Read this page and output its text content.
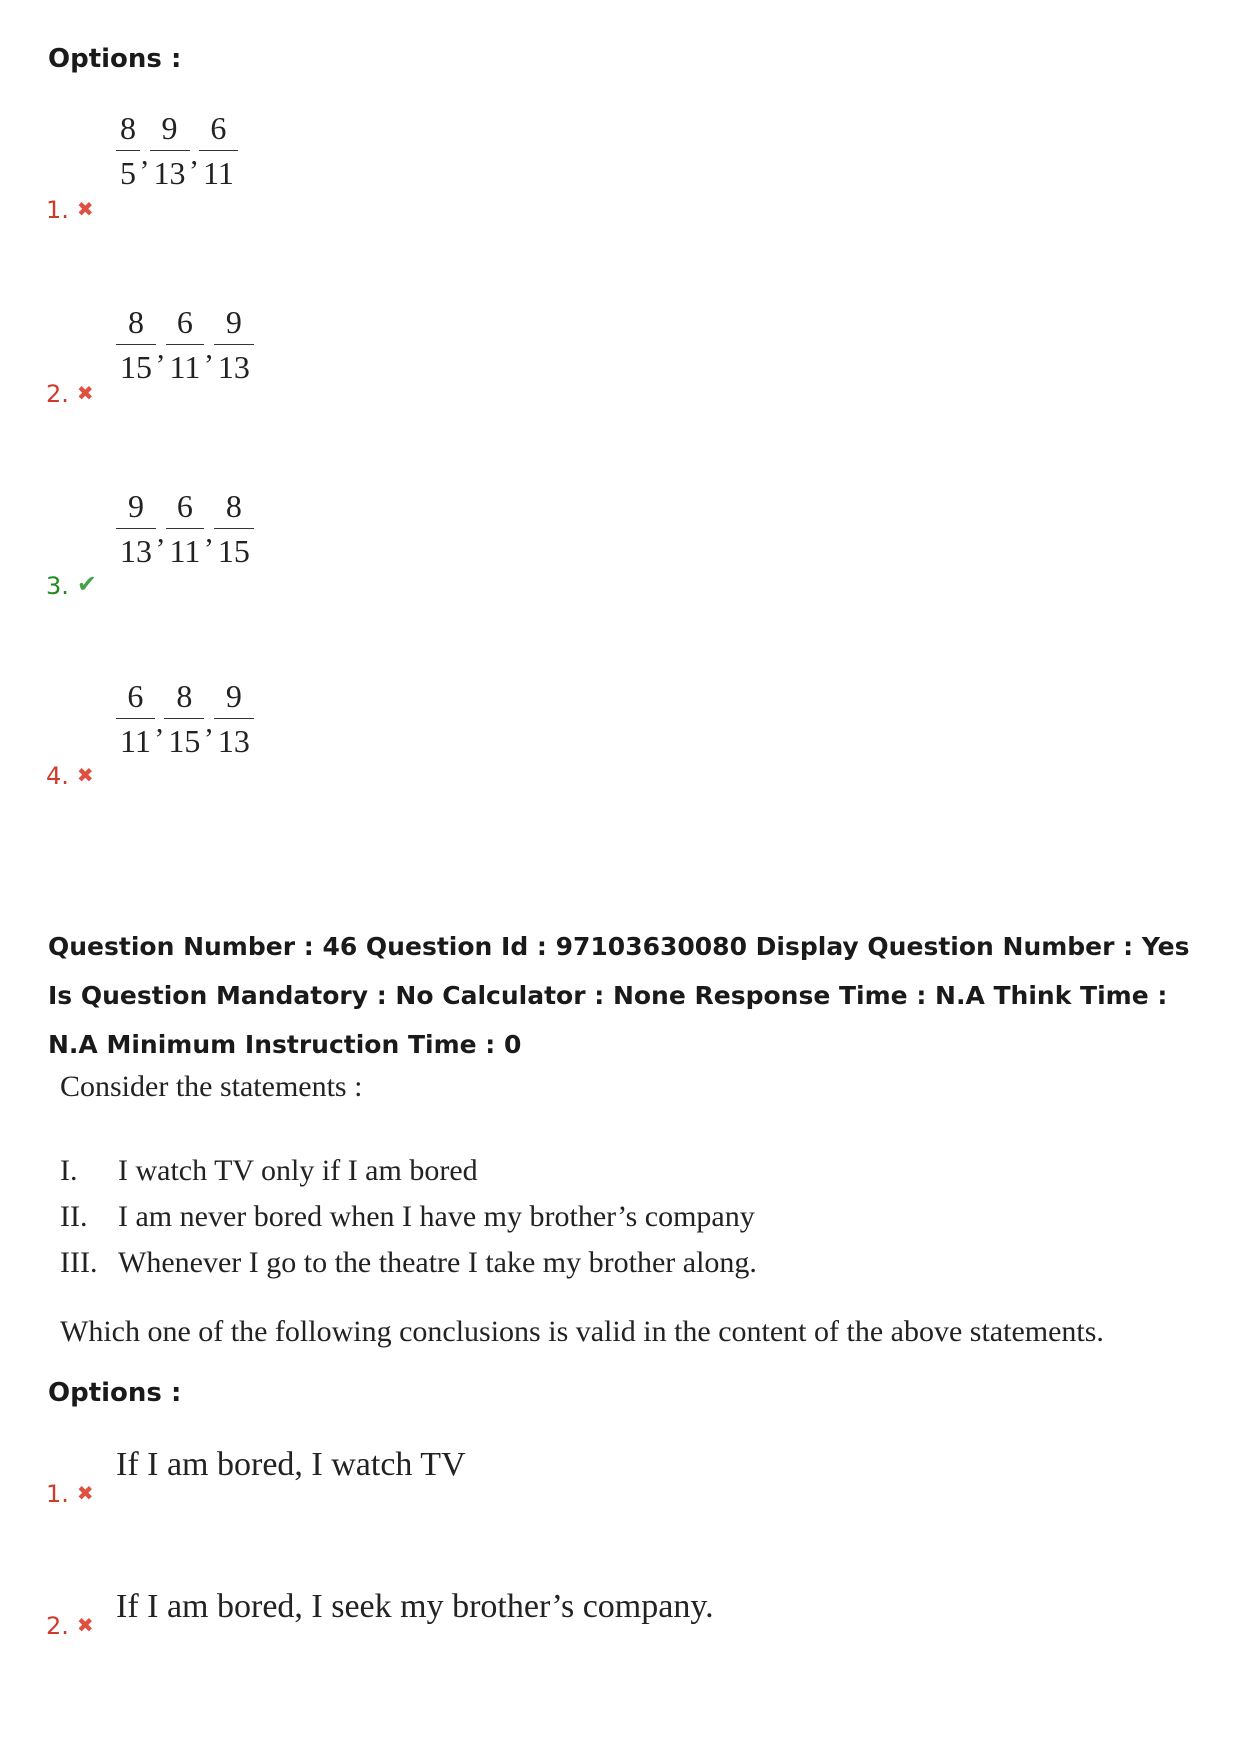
Options :
1. ✖
$\frac{8}{5}$ , $\frac{9}{13}$ , $\frac{6}{11}$
2. ✖
$\frac{8}{15}$ , $\frac{6}{11}$ , $\frac{9}{13}$
3. ✔
$\frac{9}{13}$ , $\frac{6}{11}$ , $\frac{8}{15}$
4. ✖
$\frac{6}{11}$ , $\frac{8}{15}$ , $\frac{9}{13}$
Question Number : 46 Question Id : 97103630080 Display Question Number : Yes Is Question Mandatory : No Calculator : None Response Time : N.A Think Time : N.A Minimum Instruction Time : 0
Consider the statements :
I.	I watch TV only if I am bored
II.	I am never bored when I have my brother’s company
III. Whenever I go to the theatre I take my brother along.
Which one of the following conclusions is valid in the content of the above statements.
Options :
1. ✖
If I am bored, I watch TV
2. ✖ If I am bored, I seek my brother’s company.
